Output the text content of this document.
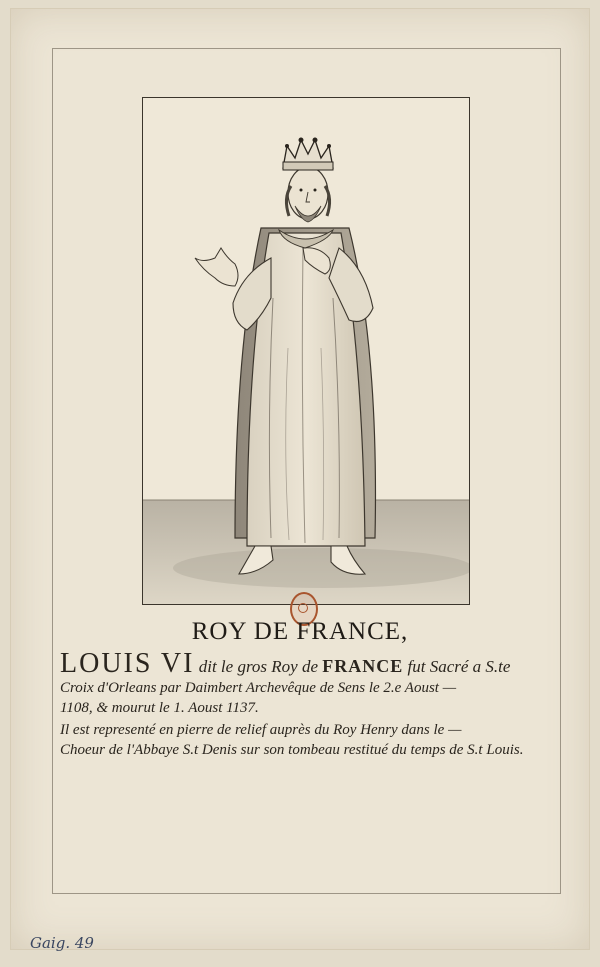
ROY DE FRANCE,
LOUIS VI dit le gros Roy de FRANCE fut Sacré a S.te
Croix d'Orleans par Daimbert Archevêque de Sens le 2.e Aoust —
1108, & mourut le 1. Aoust 1137.
Il est representé en pierre de relief auprès du Roy Henry dans le —
Choeur de l'Abbaye S.t Denis sur son tombeau restitué du temps de S.t Louis.
Gaig. 49
